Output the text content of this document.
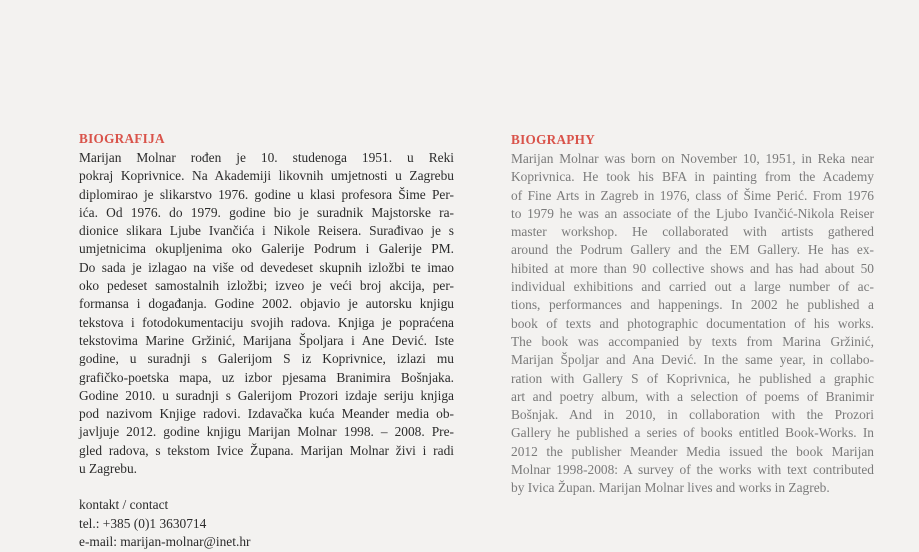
BIOGRAFIJA

Marijan Molnar rođen je 10. studenoga 1951. u Reki
pokraj Koprivnice. Na Akademiji likovnih umjetnosti u Zagrebu
diplomirao je slikarstvo 1976. godine u klasi profesora Šime Per-
ića. Od 1976. do 1979. godine bio je suradnik Majstorske ra-
dionice slikara Ljube Ivančića i Nikole Reisera. Surađivao je s
umjetnicima okupljenima oko Galerije Podrum i Galerije PM.
Do sada je izlagao na više od devedeset skupnih izložbi te imao
oko pedeset samostalnih izložbi; izveo je veći broj akcija, per-
formansa i događanja. Godine 2002. objavio je autorsku knjigu
tekstova i fotodokumentaciju svojih radova. Knjiga je popraćena
tekstovima Marine Gržinić, Marijana Špoljara i Ane Dević. Iste
godine, u suradnji s Galerijom S iz Koprivnice, izlazi mu
grafičko-poetska mapa, uz izbor pjesama Branimira Bošnjaka.
Godine 2010. u suradnji s Galerijom Prozori izdaje seriju knjiga
pod nazivom Knjige radovi. Izdavačka kuća Meander media ob-
javljuje 2012. godine knjigu Marijan Molnar 1998. – 2008. Pre-
gled radova, s tekstom Ivice Županа. Marijan Molnar živi i radi
u Zagrebu.

kontakt / contact
tel.: +385 (0)1 3630714
e-mail: marijan-molnar@inet.hr
BIOGRAPHY

Marijan Molnar was born on November 10, 1951, in Reka near
Koprivnica. He took his BFA in painting from the Academy
of Fine Arts in Zagreb in 1976, class of Šime Perić. From 1976
to 1979 he was an associate of the Ljubo Ivančić-Nikola Reiser
master workshop. He collaborated with artists gathered
around the Podrum Gallery and the EM Gallery. He has ex-
hibited at more than 90 collective shows and has had about 50
individual exhibitions and carried out a large number of ac-
tions, performances and happenings. In 2002 he published a
book of texts and photographic documentation of his works.
The book was accompanied by texts from Marina Gržinić,
Marijan Špoljar and Ana Dević. In the same year, in collabo-
ration with Gallery S of Koprivnica, he published a graphic
art and poetry album, with a selection of poems of Branimir
Bošnjak. And in 2010, in collaboration with the Prozori
Gallery he published a series of books entitled Book-Works. In
2012 the publisher Meander Media issued the book Marijan
Molnar 1998-2008: A survey of the works with text contributed
by Ivica Župan. Marijan Molnar lives and works in Zagreb.
